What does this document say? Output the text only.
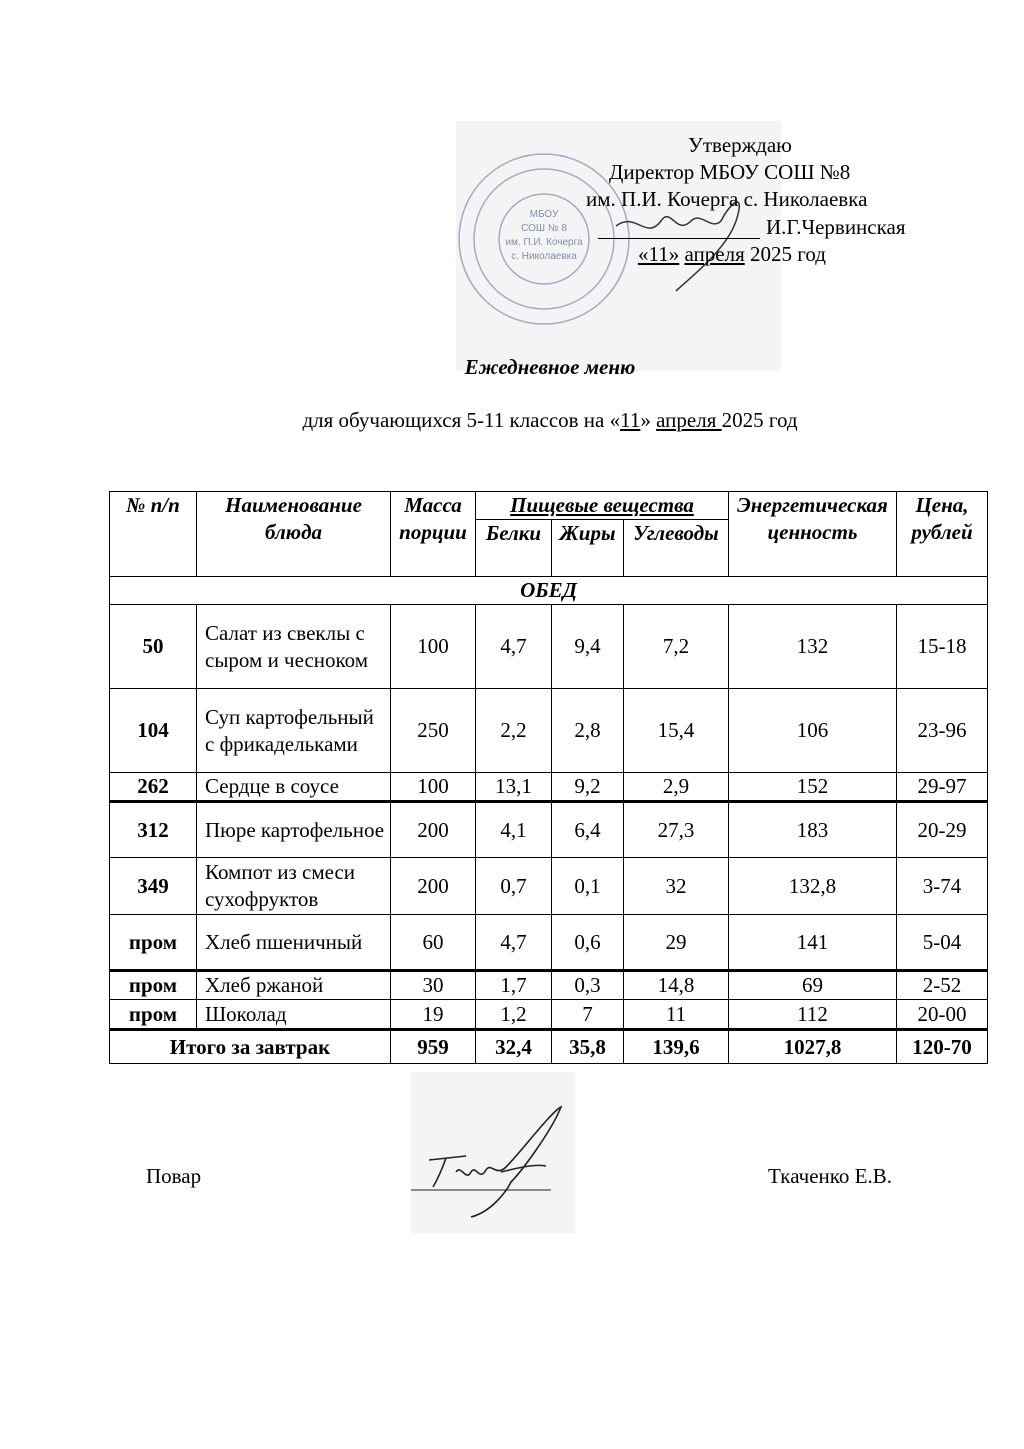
МБОУ
СОШ № 8
им. П.И. Кочерга
с. Николаевка
Утверждаю
Директор МБОУ СОШ №8
им. П.И. Кочерга с. Николаевка
И.Г.Червинская
«11» апреля 2025 год
Ежедневное меню
для обучающихся 5-11 классов на «11» апреля 2025 год
№ п/п	Наименование блюда	Масса порции	Пищевые вещества			Энергетическая ценность	Цена, рублей
			Белки	Жиры	Углеводы		
ОБЕД							
50	Салат из свеклы с сыром и чесноком	100	4,7	9,4	7,2	132	15-18
104	Суп картофельный с фрикадельками	250	2,2	2,8	15,4	106	23-96
262	Сердце в соусе	100	13,1	9,2	2,9	152	29-97
312	Пюре картофельное	200	4,1	6,4	27,3	183	20-29
349	Компот из смеси сухофруктов	200	0,7	0,1	32	132,8	3-74
пром	Хлеб пшеничный	60	4,7	0,6	29	141	5-04
пром	Хлеб ржаной	30	1,7	0,3	14,8	69	2-52
пром	Шоколад	19	1,2	7	11	112	20-00
Итого за завтрак		959	32,4	35,8	139,6	1027,8	120-70
Повар	Ткаченко Е.В.
